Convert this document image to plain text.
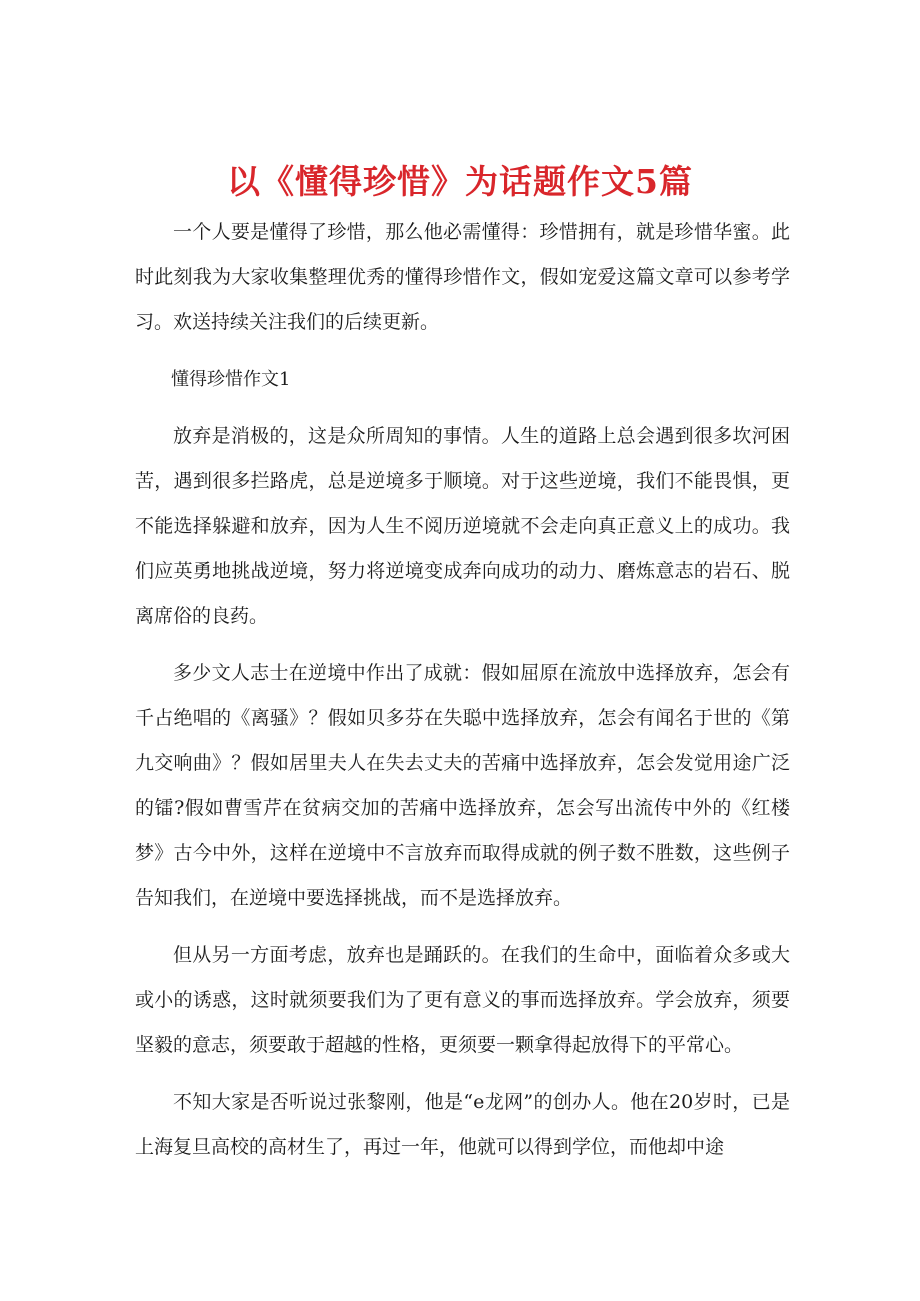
以《懂得珍惜》为话题作文5篇

一个人要是懂得了珍惜，那么他必需懂得：珍惜拥有，就是珍惜华蜜。此时此刻我为大家收集整理优秀的懂得珍惜作文，假如宠爱这篇文章可以参考学习。欢送持续关注我们的后续更新。

懂得珍惜作文1

放弃是消极的，这是众所周知的事情。人生的道路上总会遇到很多坎河困苦，遇到很多拦路虎，总是逆境多于顺境。对于这些逆境，我们不能畏惧，更不能选择躲避和放弃，因为人生不阅历逆境就不会走向真正意义上的成功。我们应英勇地挑战逆境，努力将逆境变成奔向成功的动力、磨炼意志的岩石、脱离席俗的良药。

多少文人志士在逆境中作出了成就：假如屈原在流放中选择放弃，怎会有千占绝唱的《离骚》？假如贝多芬在失聪中选择放弃，怎会有闻名于世的《第九交响曲》？假如居里夫人在失去丈夫的苦痛中选择放弃，怎会发觉用途广泛的镭?假如曹雪芹在贫病交加的苦痛中选择放弃，怎会写出流传中外的《红楼梦》古今中外，这样在逆境中不言放弃而取得成就的例子数不胜数，这些例子告知我们，在逆境中要选择挑战，而不是选择放弃。

但从另一方面考虑，放弃也是踊跃的。在我们的生命中，面临着众多或大或小的诱惑，这时就须要我们为了更有意义的事而选择放弃。学会放弃，须要坚毅的意志，须要敢于超越的性格，更须要一颗拿得起放得下的平常心。

不知大家是否听说过张黎刚，他是“e龙网”的创办人。他在20岁时，已是上海复旦高校的高材生了，再过一年，他就可以得到学位，而他却中途
